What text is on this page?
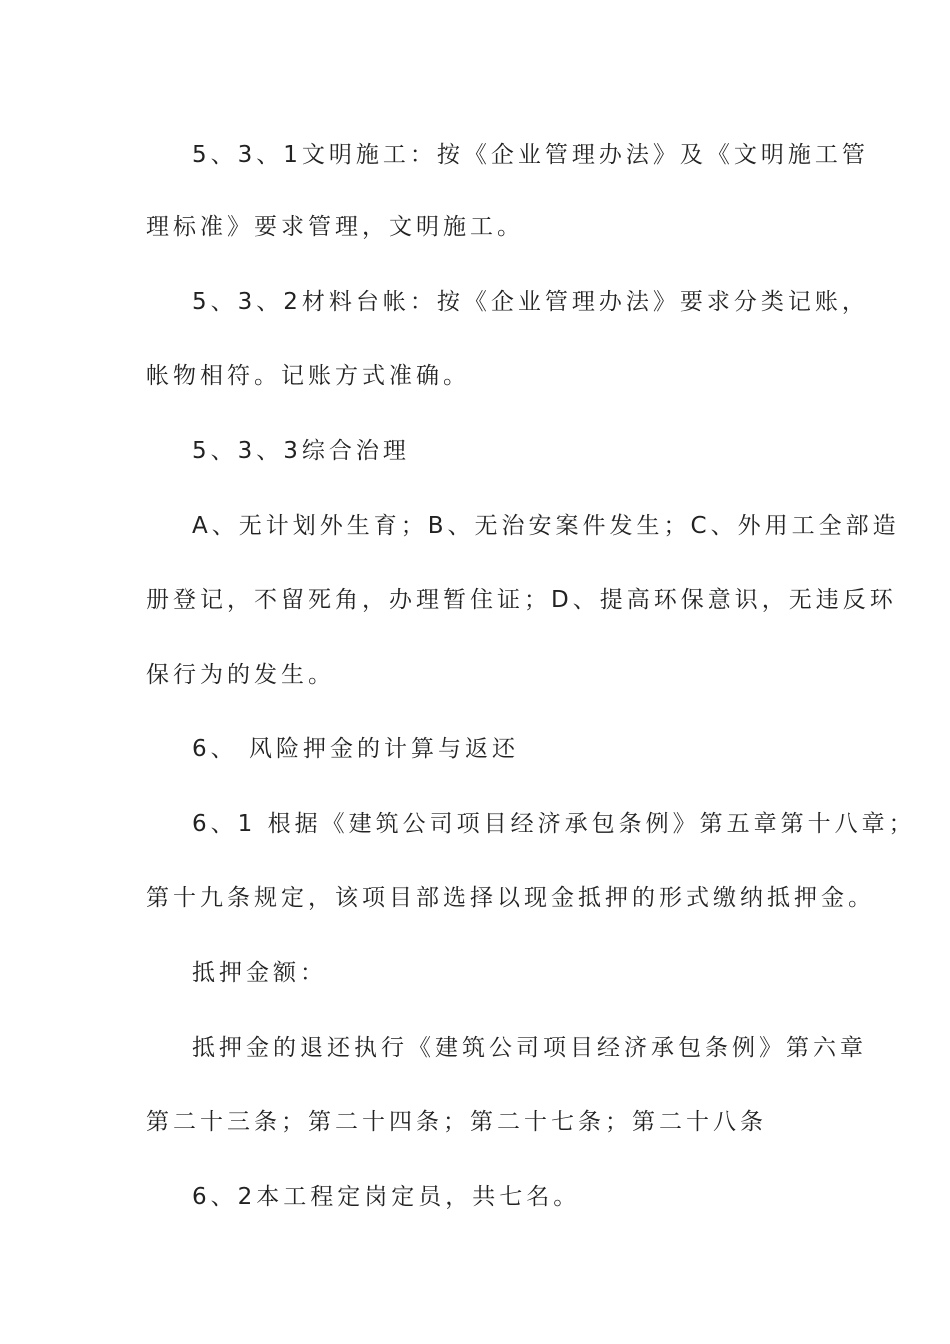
5、3、1文明施工：按《企业管理办法》及《文明施工管
理标准》要求管理，文明施工。
5、3、2材料台帐：按《企业管理办法》要求分类记账，
帐物相符。记账方式准确。
5、3、3综合治理
A、无计划外生育；B、无治安案件发生；C、外用工全部造
册登记，不留死角，办理暂住证；D、提高环保意识，无违反环
保行为的发生。
6、 风险押金的计算与返还
6、1 根据《建筑公司项目经济承包条例》第五章第十八章；
第十九条规定，该项目部选择以现金抵押的形式缴纳抵押金。
抵押金额：
抵押金的退还执行《建筑公司项目经济承包条例》第六章
第二十三条；第二十四条；第二十七条；第二十八条
6、2本工程定岗定员，共七名。
